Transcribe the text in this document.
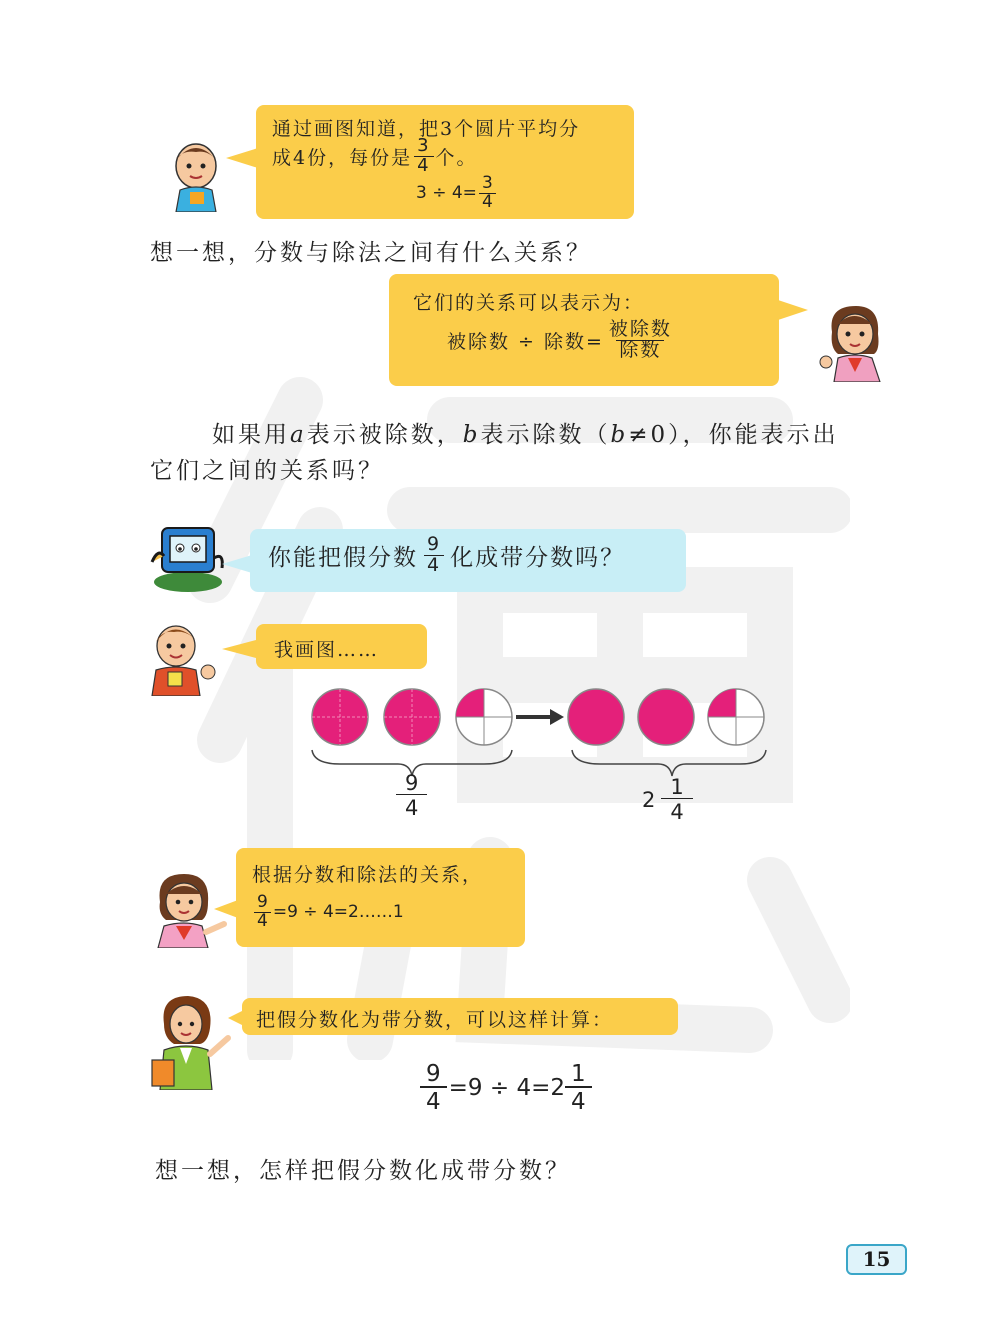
通过画图知道，把3个圆片平均分
成4份，每份是 $\frac{3}{4}$ 个。
$3 \div 4= \frac{3}{4}$
想一想，分数与除法之间有什么关系？
它们的关系可以表示为：
被除数 ÷ 除数= $\frac{\text{被除数}}{\text{除数}}$
如果用a表示被除数，b表示除数（b≠0），你能表示出
它们之间的关系吗？
你能把假分数 $\frac{9}{4}$ 化成带分数吗？
我画图……
$\frac{9}{4}$	$2 \frac{1}{4}$
根据分数和除法的关系，
$\frac{9}{4} =9$ ÷ 4=2……1
把假分数化为带分数，可以这样计算：
$\frac{9}{4} =9 \div 4=2 \frac{1}{4}$
想一想，怎样把假分数化成带分数？
15
